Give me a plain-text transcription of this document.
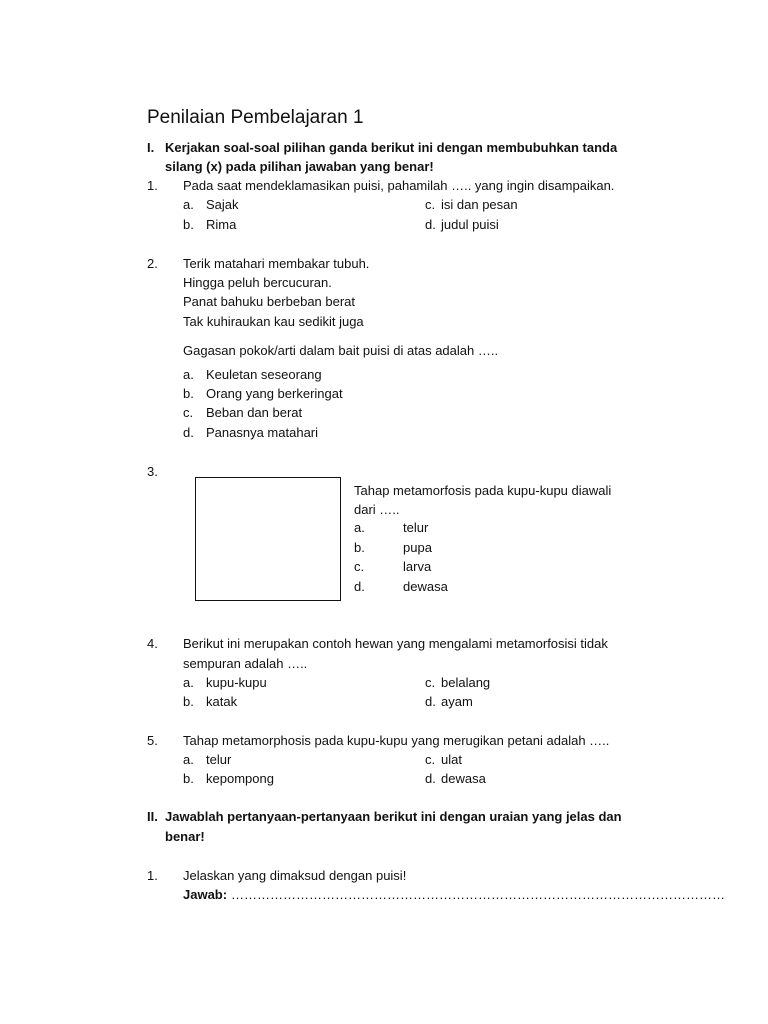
Penilaian Pembelajaran 1
I. Kerjakan soal-soal pilihan ganda berikut ini dengan membubuhkan tanda
silang (x) pada pilihan jawaban yang benar!
1. Pada saat mendeklamasikan puisi, pahamilah ….. yang ingin disampaikan.
a. Sajak
b. Rima
c. isi dan pesan
d. judul puisi
2. Terik matahari membakar tubuh.
Hingga peluh bercucuran.
Panat bahuku berbeban berat
Tak kuhiraukan kau sedikit juga
Gagasan pokok/arti dalam bait puisi di atas adalah …..
a. Keuletan seseorang
b. Orang yang berkeringat
c. Beban dan berat
d. Panasnya matahari
3.
Tahap metamorfosis pada kupu-kupu diawali
dari …..
a.	telur
b.	pupa
c.	larva
d.	dewasa
4. Berikut ini merupakan contoh hewan yang mengalami metamorfosisi tidak
sempuran adalah …..
a. kupu-kupu
b. katak
c. belalang
d. ayam
5. Tahap metamorphosis pada kupu-kupu yang merugikan petani adalah …..
a. telur
b. kepompong
c. ulat
d. dewasa
II. Jawablah pertanyaan-pertanyaan berikut ini dengan uraian yang jelas dan
benar!
1. Jelaskan yang dimaksud dengan puisi!
Jawab: ……………………………………………………………………………………………………
